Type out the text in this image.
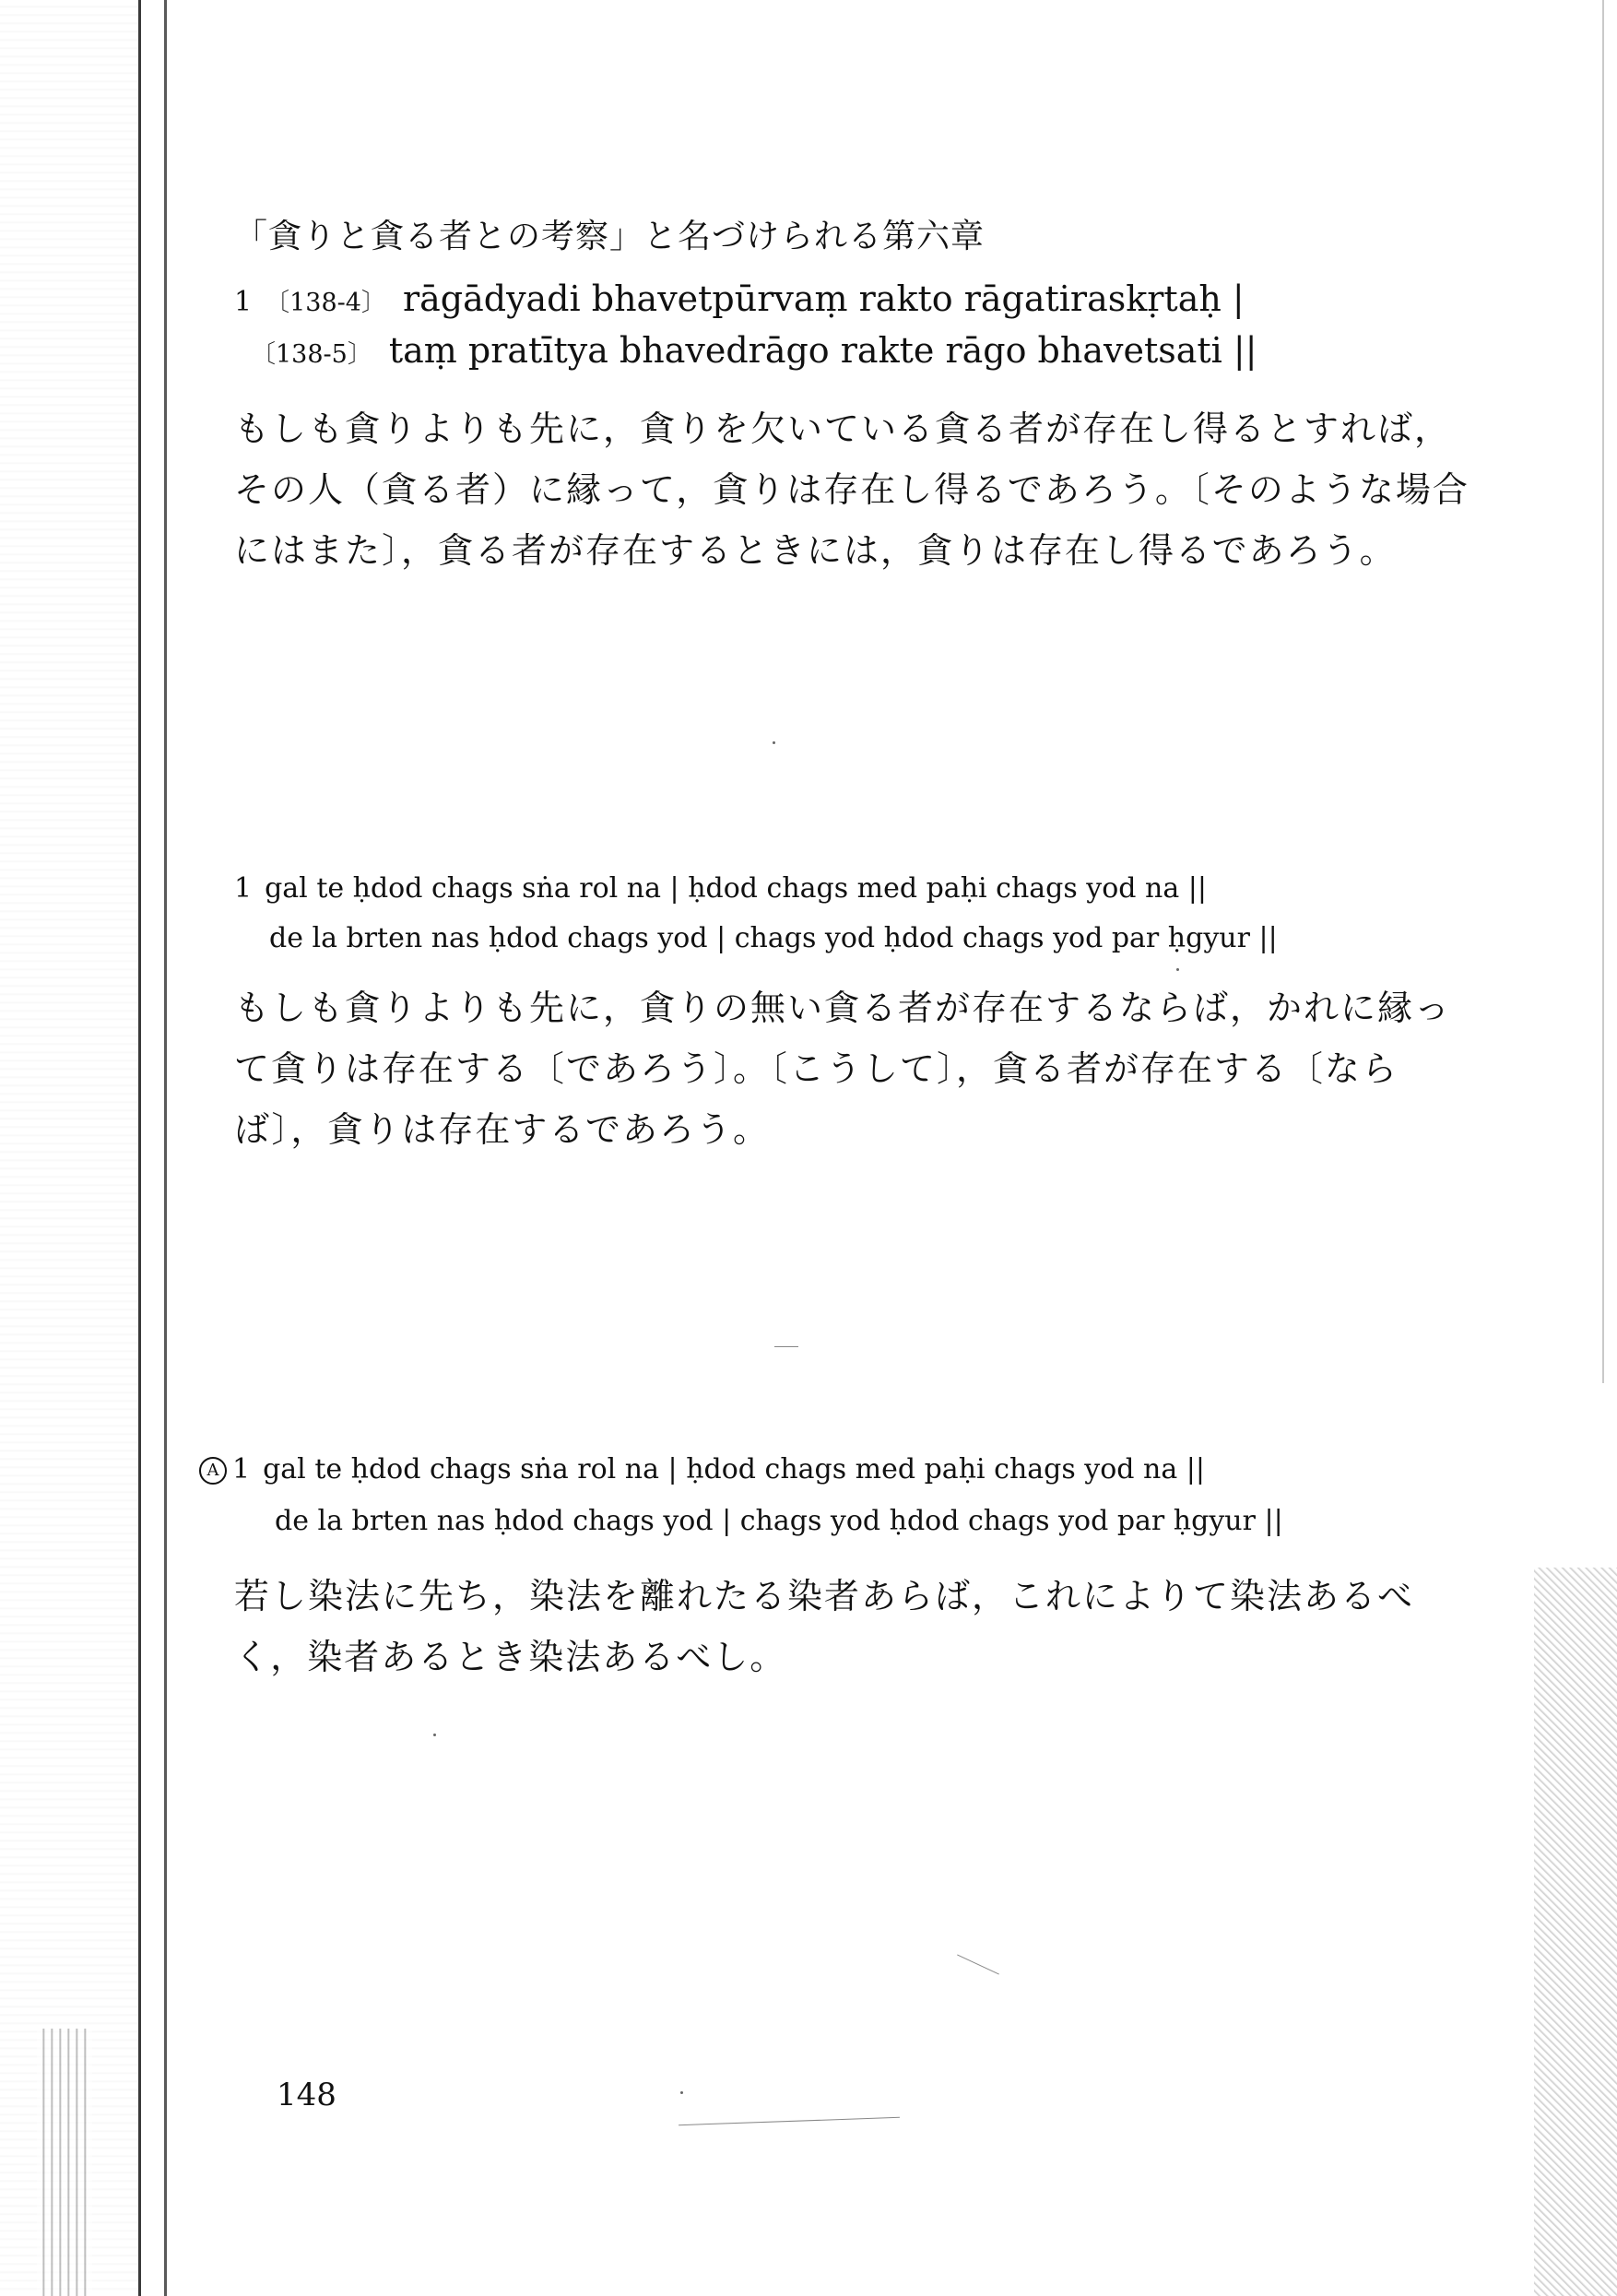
「貪りと貪る者との考察」と名づけられる第六章
1 〔138-4〕 rāgādyadi bhavetpūrvaṃ rakto rāgatiraskṛtaḥ |
〔138-5〕 taṃ pratītya bhavedrāgo rakte rāgo bhavetsati ||
もしも貪りよりも先に，貪りを欠いている貪る者が存在し得るとすれば，その人（貪る者）に縁って，貪りは存在し得るであろう。〔そのような場合にはまた〕，貪る者が存在するときには，貪りは存在し得るであろう。
1 gal te ḥdod chags sṅa rol na | ḥdod chags med paḥi chags yod na ||
de la brten nas ḥdod chags yod | chags yod ḥdod chags yod par ḥgyur ||
もしも貪りよりも先に，貪りの無い貪る者が存在するならば，かれに縁って貪りは存在する〔であろう〕。〔こうして〕，貪る者が存在する〔ならば〕，貪りは存在するであろう。
A 1 gal te ḥdod chags sṅa rol na | ḥdod chags med paḥi chags yod na ||
de la brten nas ḥdod chags yod | chags yod ḥdod chags yod par ḥgyur ||
若し染法に先ち，染法を離れたる染者あらば，これによりて染法あるべく，染者あるとき染法あるべし。
148
